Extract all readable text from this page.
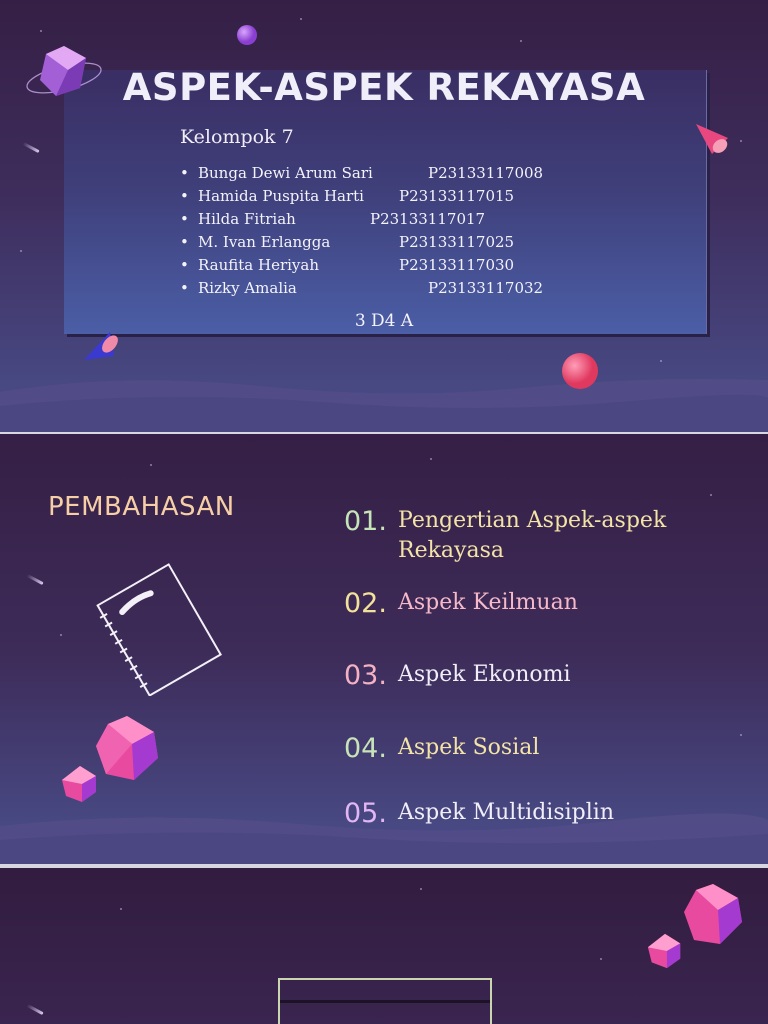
ASPEK-ASPEK REKAYASA
Kelompok 7
• Bunga Dewi Arum Sari	P23133117008
• Hamida Puspita Harti P23133117015
• Hilda Fitriah	P23133117017
• M. Ivan Erlangga	P23133117025
• Raufita Heriyah	P23133117030
• Rizky Amalia	P23133117032
3 D4 A
PEMBAHASAN	01. Pengertian Aspek-aspek Rekayasa
02. Aspek Keilmuan
03. Aspek Ekonomi
04. Aspek Sosial
05. Aspek Multidisiplin
